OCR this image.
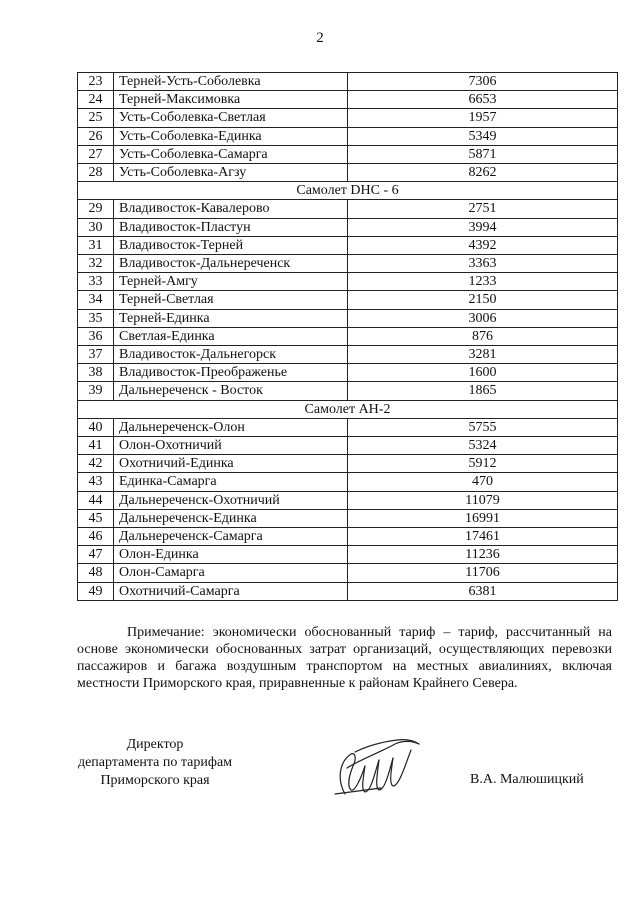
2
23	Терней-Усть-Соболевка	7306
24	Терней-Максимовка	6653
25	Усть-Соболевка-Светлая	1957
26	Усть-Соболевка-Единка	5349
27	Усть-Соболевка-Самарга	5871
28	Усть-Соболевка-Агзу	8262
Самолет DHC - 6		
29	Владивосток-Кавалерово	2751
30	Владивосток-Пластун	3994
31	Владивосток-Терней	4392
32	Владивосток-Дальнереченск	3363
33	Терней-Амгу	1233
34	Терней-Светлая	2150
35	Терней-Единка	3006
36	Светлая-Единка	876
37	Владивосток-Дальнегорск	3281
38	Владивосток-Преображенье	1600
39	Дальнереченск - Восток	1865
Самолет АН-2		
40	Дальнереченск-Олон	5755
41	Олон-Охотничий	5324
42	Охотничий-Единка	5912
43	Единка-Самарга	470
44	Дальнереченск-Охотничий	11079
45	Дальнереченск-Единка	16991
46	Дальнереченск-Самарга	17461
47	Олон-Единка	11236
48	Олон-Самарга	11706
49	Охотничий-Самарга	6381

Примечание: экономически обоснованный тариф – тариф, рассчитанный на основе экономически обоснованных затрат организаций, осуществляющих перевозки пассажиров и багажа воздушным транспортом на местных авиалиниях, включая местности Приморского края, приравненные к районам Крайнего Севера.

Директор
департамента по тарифам
Приморского края	В.А. Малюшицкий
